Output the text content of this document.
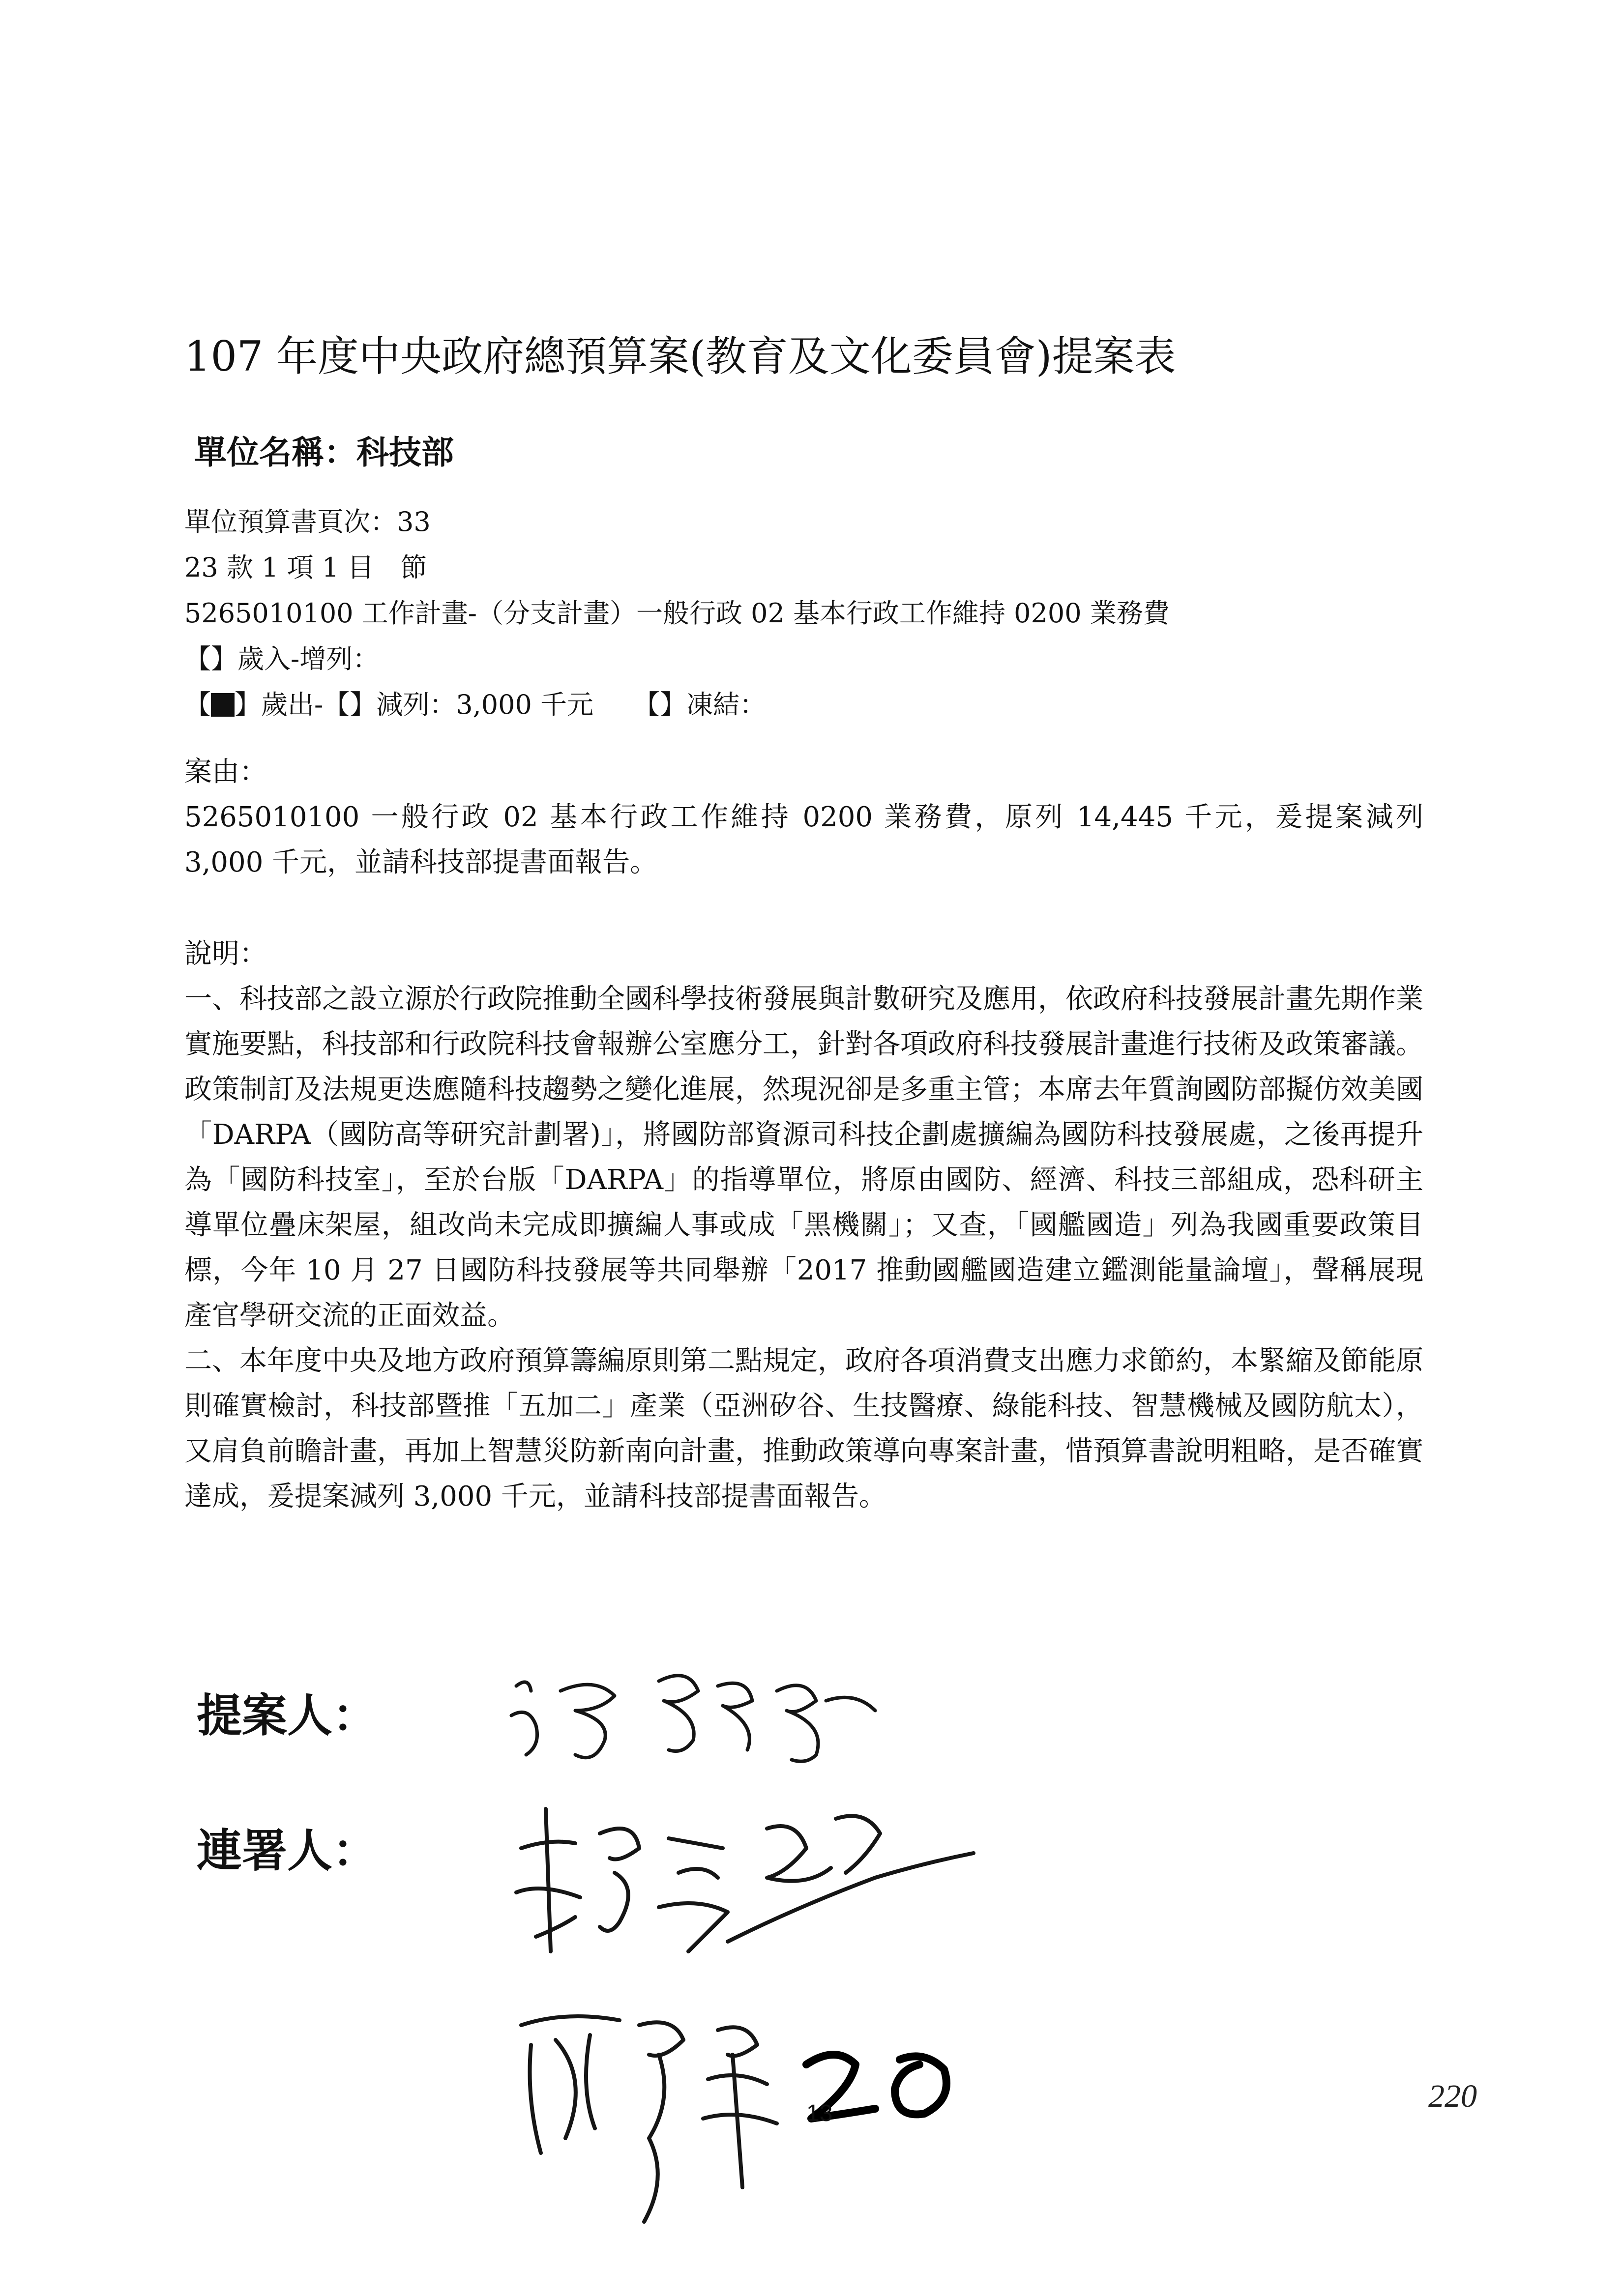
107 年度中央政府總預算案(教育及文化委員會)提案表
單位名稱：科技部
單位預算書頁次：33
23 款 1 項 1 目　節
5265010100 工作計畫-（分支計畫）一般行政 02 基本行政工作維持 0200 業務費
【】歲入-增列：
【 】歲出-【】減列：3,000 千元　　【】凍結：
案由：

5265010100 一般行政 02 基本行政工作維持 0200 業務費，原列 14,445 千元，爰提案減列 3,000 千元，並請科技部提書面報告。

說明：

一、科技部之設立源於行政院推動全國科學技術發展與計數研究及應用，依政府科技發展計畫先期作業實施要點，科技部和行政院科技會報辦公室應分工，針對各項政府科技發展計畫進行技術及政策審議。政策制訂及法規更迭應隨科技趨勢之變化進展，然現況卻是多重主管；本席去年質詢國防部擬仿效美國「DARPA（國防高等研究計劃署)」，將國防部資源司科技企劃處擴編為國防科技發展處，之後再提升為「國防科技室」，至於台版「DARPA」的指導單位，將原由國防、經濟、科技三部組成，恐科研主導單位疊床架屋，組改尚未完成即擴編人事或成「黑機關」；又查，「國艦國造」列為我國重要政策目標，今年 10 月 27 日國防科技發展等共同舉辦「2017 推動國艦國造建立鑑測能量論壇」，聲稱展現產官學研交流的正面效益。

二、本年度中央及地方政府預算籌編原則第二點規定，政府各項消費支出應力求節約，本緊縮及節能原則確實檢討，科技部暨推「五加二」產業（亞洲矽谷、生技醫療、綠能科技、智慧機械及國防航太），又肩負前瞻計畫，再加上智慧災防新南向計畫，推動政策導向專案計畫，惜預算書說明粗略，是否確實達成，爰提案減列 3,000 千元，並請科技部提書面報告。

提案人：
連署人：
13	220
